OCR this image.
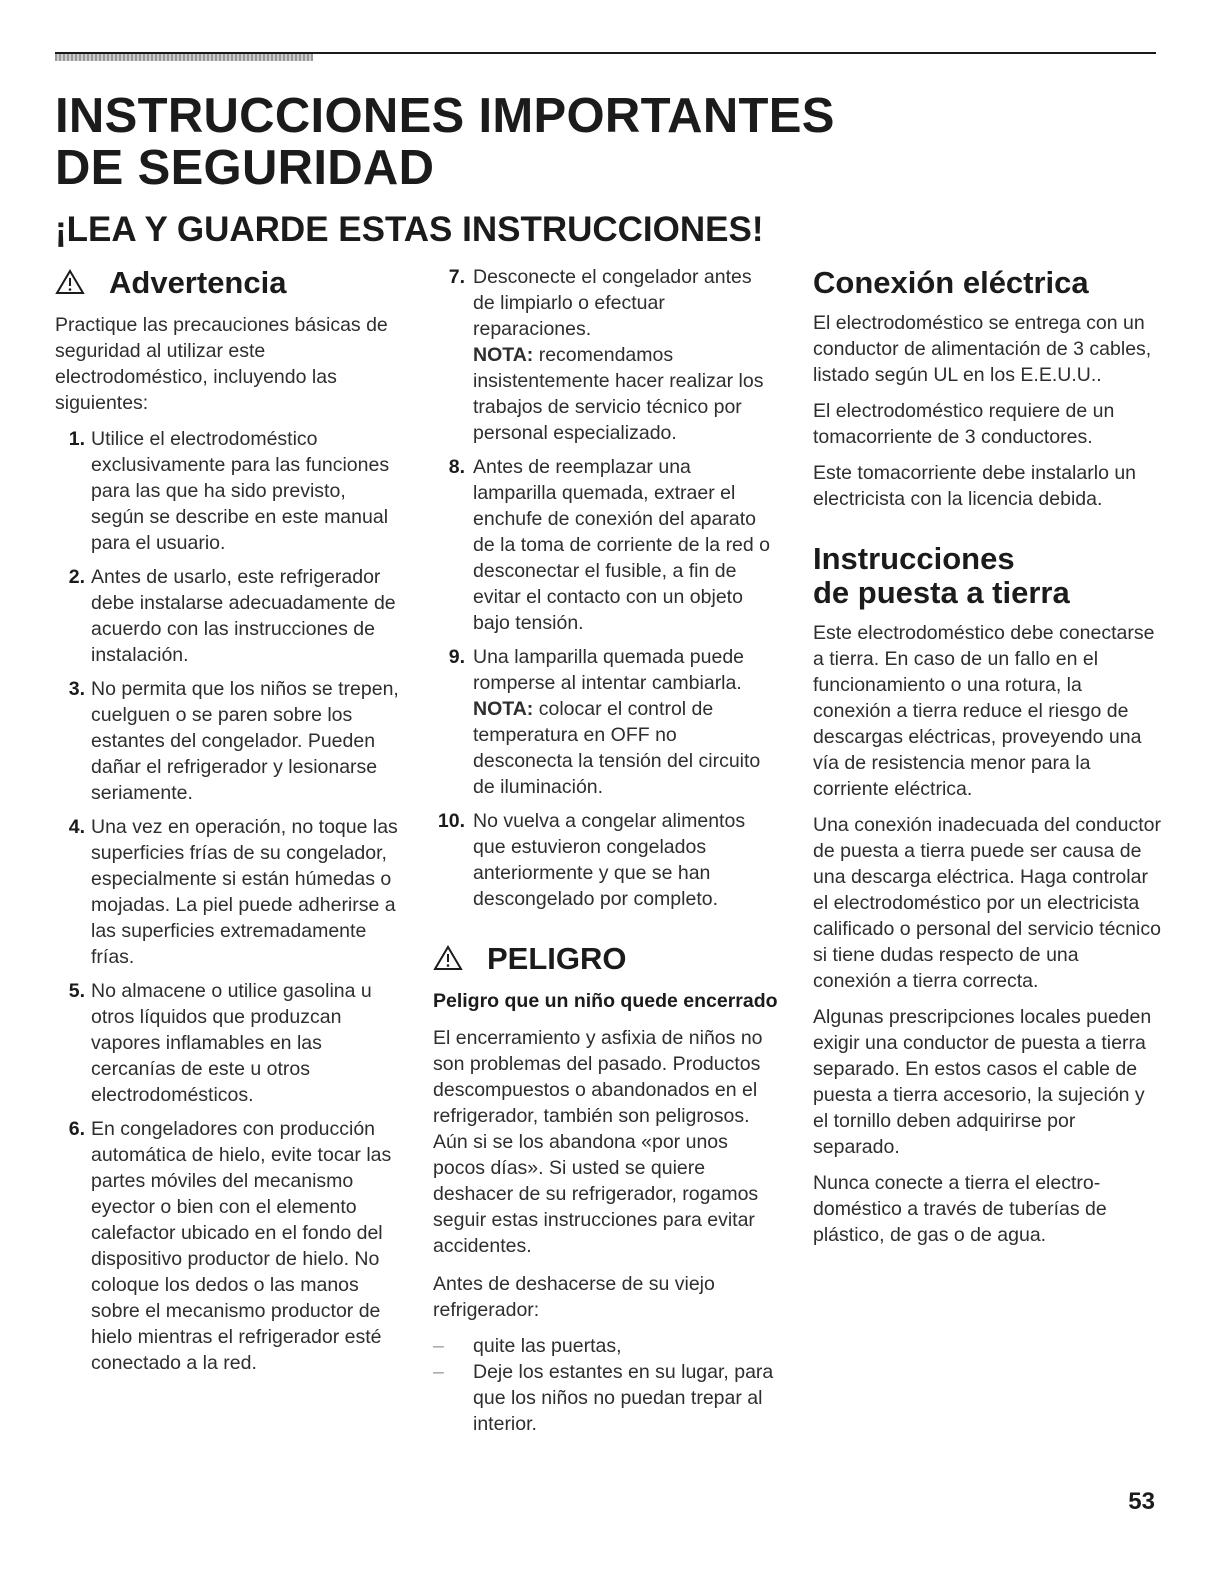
INSTRUCCIONES IMPORTANTES
DE SEGURIDAD
¡LEA Y GUARDE ESTAS INSTRUCCIONES!
Advertencia

Practique las precauciones básicas de seguridad al utilizar este electrodoméstico, incluyendo las siguientes:

1. Utilice el electrodoméstico exclusivamente para las funciones para las que ha sido previsto, según se describe en este manual para el usuario.
2. Antes de usarlo, este refrigerador debe instalarse adecuadamente de acuerdo con las instrucciones de instalación.
3. No permita que los niños se trepen, cuelguen o se paren sobre los estantes del congelador. Pueden dañar el refrigerador y lesionarse seriamente.
4. Una vez en operación, no toque las superficies frías de su congelador, especialmente si están húmedas o mojadas. La piel puede adherirse a las superficies extremadamente frías.
5. No almacene o utilice gasolina u otros líquidos que produzcan vapores inflamables en las cercanías de este u otros electrodomésticos.
6. En congeladores con producción automática de hielo, evite tocar las partes móviles del mecanismo eyector o bien con el elemento calefactor ubicado en el fondo del dispositivo productor de hielo. No coloque los dedos o las manos sobre el mecanismo productor de hielo mientras el refrigerador esté conectado a la red.
7. Desconecte el congelador antes de limpiarlo o efectuar reparaciones.
NOTA: recomendamos insistentemente hacer realizar los trabajos de servicio técnico por personal especializado.
8. Antes de reemplazar una lamparilla quemada, extraer el enchufe de conexión del aparato de la toma de corriente de la red o desconectar el fusible, a fin de evitar el contacto con un objeto bajo tensión.
9. Una lamparilla quemada puede romperse al intentar cambiarla.
NOTA: colocar el control de temperatura en OFF no desconecta la tensión del circuito de iluminación.
10. No vuelva a congelar alimentos que estuvieron congelados anteriormente y que se han descongelado por completo.
PELIGRO

Peligro que un niño quede encerrado

El encerramiento y asfixia de niños no son problemas del pasado. Productos descompuestos o abandonados en el refrigerador, también son peligrosos. Aún si se los abandona «por unos pocos días». Si usted se quiere deshacer de su refrigerador, rogamos seguir estas instrucciones para evitar accidentes.

Antes de deshacerse de su viejo refrigerador:

– quite las puertas,
– Deje los estantes en su lugar, para que los niños no puedan trepar al interior.
Conexión eléctrica

El electrodoméstico se entrega con un conductor de alimentación de 3 cables, listado según UL en los E.E.U.U..

El electrodoméstico requiere de un tomacorriente de 3 conductores.

Este tomacorriente debe instalarlo un electricista con la licencia debida.

Instrucciones
de puesta a tierra

Este electrodoméstico debe conectarse a tierra. En caso de un fallo en el funcionamiento o una rotura, la conexión a tierra reduce el riesgo de descargas eléctricas, proveyendo una vía de resistencia menor para la corriente eléctrica.

Una conexión inadecuada del conductor de puesta a tierra puede ser causa de una descarga eléctrica. Haga controlar el electrodoméstico por un electricista calificado o personal del servicio técnico si tiene dudas respecto de una conexión a tierra correcta.

Algunas prescripciones locales pueden exigir una conductor de puesta a tierra separado. En estos casos el cable de puesta a tierra accesorio, la sujeción y el tornillo deben adquirirse por separado.

Nunca conecte a tierra el electro-doméstico a través de tuberías de plástico, de gas o de agua.

53
